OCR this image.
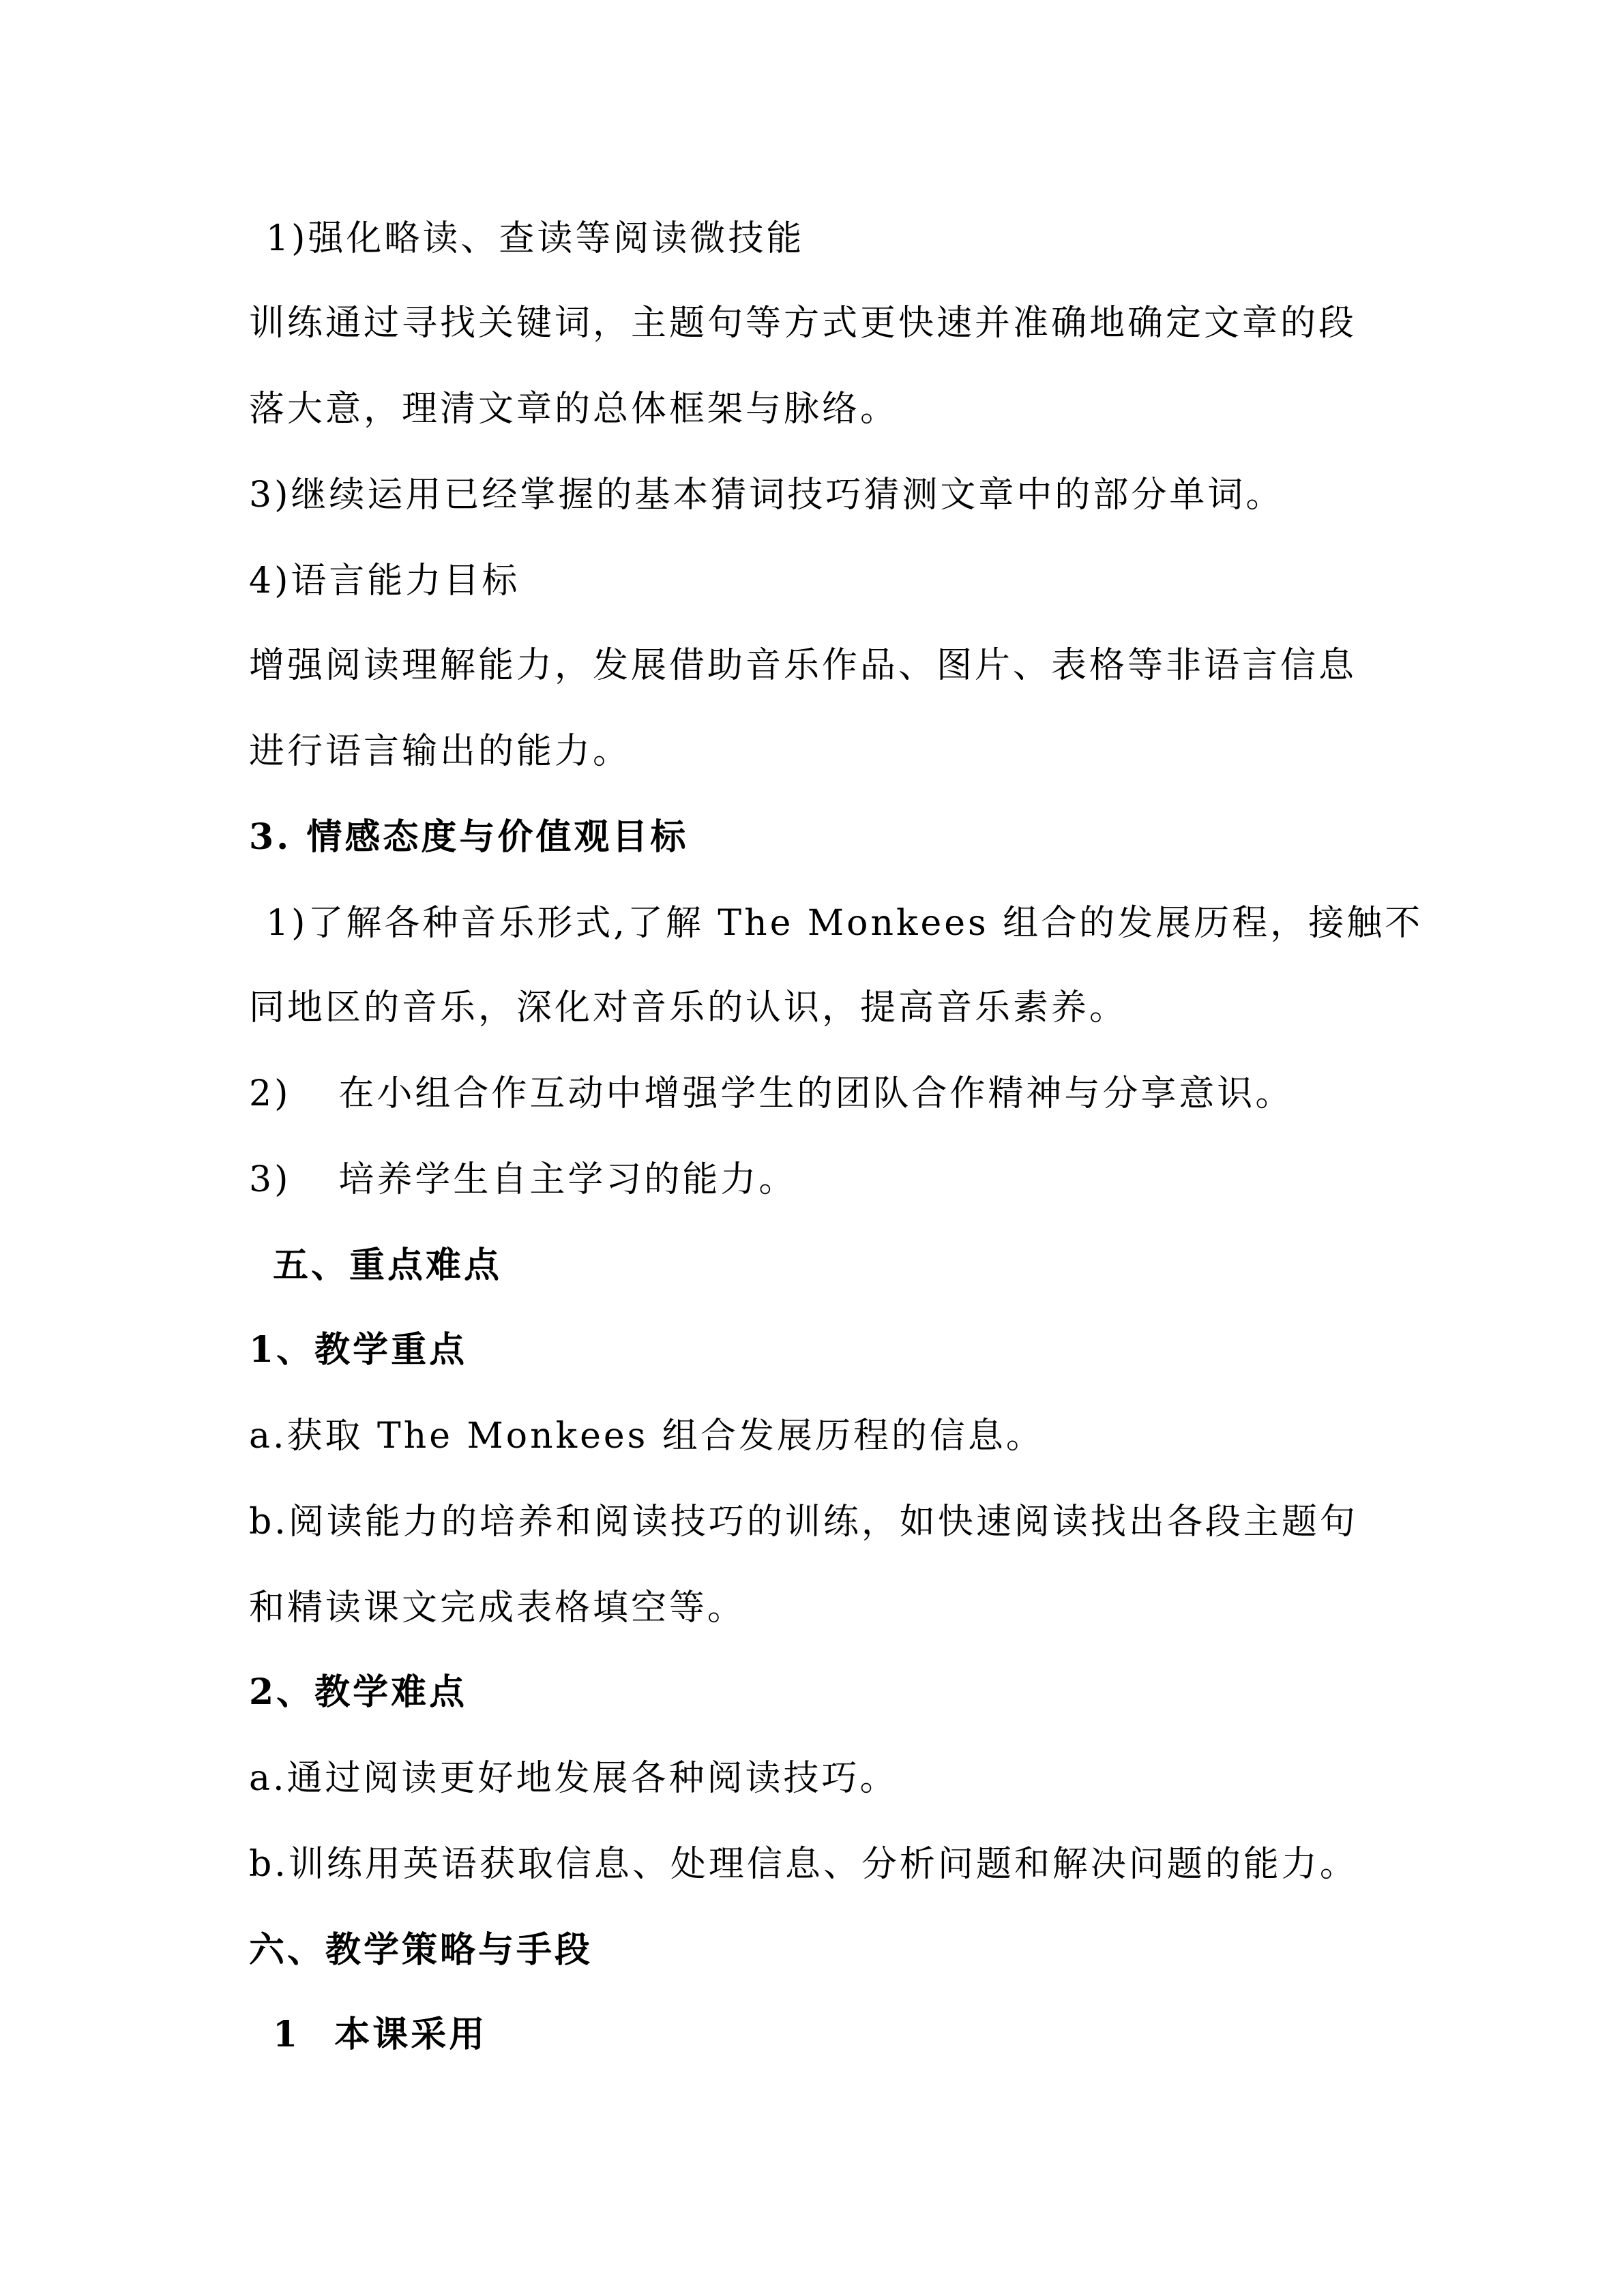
1)强化略读、查读等阅读微技能
训练通过寻找关键词，主题句等方式更快速并准确地确定文章的段
落大意，理清文章的总体框架与脉络。
3)继续运用已经掌握的基本猜词技巧猜测文章中的部分单词。
4)语言能力目标
增强阅读理解能力，发展借助音乐作品、图片、表格等非语言信息
进行语言输出的能力。
3. 情感态度与价值观目标
1)了解各种音乐形式,了解 The Monkees 组合的发展历程，接触不
同地区的音乐，深化对音乐的认识，提高音乐素养。
2) 在小组合作互动中增强学生的团队合作精神与分享意识。
3) 培养学生自主学习的能力。
五、重点难点
1、教学重点
a.获取 The Monkees 组合发展历程的信息。
b.阅读能力的培养和阅读技巧的训练，如快速阅读找出各段主题句
和精读课文完成表格填空等。
2、教学难点
a.通过阅读更好地发展各种阅读技巧。
b.训练用英语获取信息、处理信息、分析问题和解决问题的能力。
六、教学策略与手段
1 本课采用
